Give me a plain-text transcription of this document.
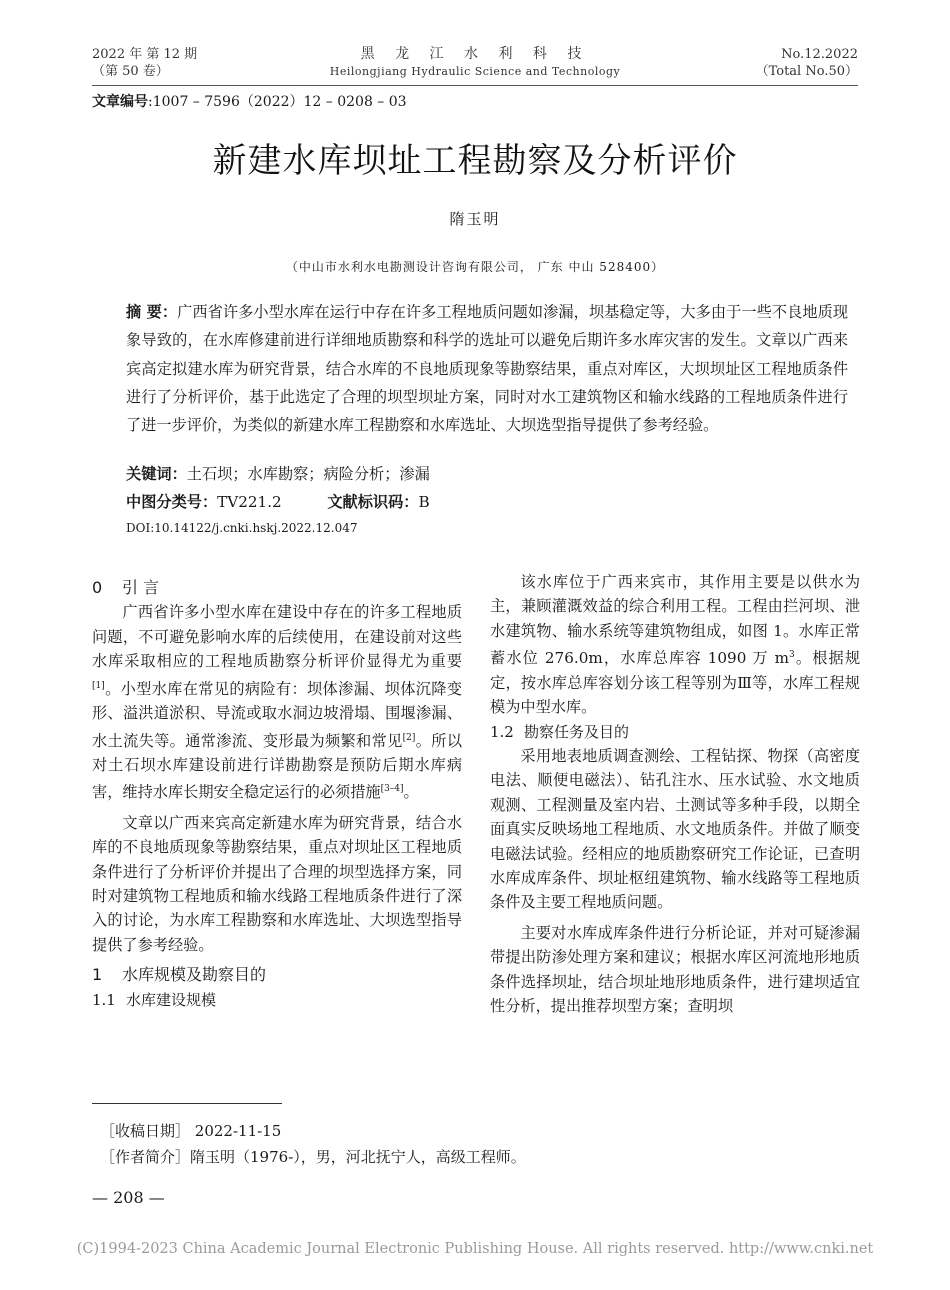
2022 年 第 12 期
（第 50 卷）
黑 龙 江 水 利 科 技
Heilongjiang Hydraulic Science and Technology
No.12.2022
（Total No.50）
文章编号:1007 – 7596（2022）12 – 0208 – 03
新建水库坝址工程勘察及分析评价
隋玉明
（中山市水利水电勘测设计咨询有限公司， 广东 中山 528400）
摘 要：广西省许多小型水库在运行中存在许多工程地质问题如渗漏，坝基稳定等，大多由于一些不良地质现象导致的，在水库修建前进行详细地质勘察和科学的选址可以避免后期许多水库灾害的发生。文章以广西来宾高定拟建水库为研究背景，结合水库的不良地质现象等勘察结果，重点对库区，大坝坝址区工程地质条件进行了分析评价，基于此选定了合理的坝型坝址方案，同时对水工建筑物区和输水线路的工程地质条件进行了进一步评价，为类似的新建水库工程勘察和水库选址、大坝选型指导提供了参考经验。
关键词：土石坝；水库勘察；病险分析；渗漏
中图分类号：TV221.2	文献标识码：B
DOI:10.14122/j.cnki.hskj.2022.12.047

0 引 言

广西省许多小型水库在建设中存在的许多工程地质问题，不可避免影响水库的后续使用，在建设前对这些水库采取相应的工程地质勘察分析评价显得尤为重要[1]。小型水库在常见的病险有：坝体渗漏、坝体沉降变形、溢洪道淤积、导流或取水洞边坡滑塌、围堰渗漏、水土流失等。通常渗流、变形最为频繁和常见[2]。所以对土石坝水库建设前进行详勘勘察是预防后期水库病害，维持水库长期安全稳定运行的必须措施[3–4]。

文章以广西来宾高定新建水库为研究背景，结合水库的不良地质现象等勘察结果，重点对坝址区工程地质条件进行了分析评价并提出了合理的坝型选择方案，同时对建筑物工程地质和输水线路工程地质条件进行了深入的讨论，为水库工程勘察和水库选址、大坝选型指导提供了参考经验。

1 水库规模及勘察目的

1.1 水库建设规模

该水库位于广西来宾市，其作用主要是以供水为主，兼顾灌溉效益的综合利用工程。工程由拦河坝、泄水建筑物、输水系统等建筑物组成，如图 1。水库正常蓄水位 276.0m，水库总库容 1090 万 m$^3$。根据规定，按水库总库容划分该工程等别为Ⅲ等，水库工程规模为中型水库。

1.2 勘察任务及目的

采用地表地质调查测绘、工程钻探、物探（高密度电法、顺便电磁法）、钻孔注水、压水试验、水文地质观测、工程测量及室内岩、土测试等多种手段，以期全面真实反映场地工程地质、水文地质条件。并做了顺变电磁法试验。经相应的地质勘察研究工作论证，已查明水库成库条件、坝址枢纽建筑物、输水线路等工程地质条件及主要工程地质问题。

主要对水库成库条件进行分析论证，并对可疑渗漏带提出防渗处理方案和建议；根据水库区河流地形地质条件选择坝址，结合坝址地形地质条件，进行建坝适宜性分析，提出推荐坝型方案；查明坝

［收稿日期］ 2022-11-15
［作者简介］隋玉明（1976-），男，河北抚宁人，高级工程师。
— 208 —
(C)1994-2023 China Academic Journal Electronic Publishing House. All rights reserved. http://www.cnki.net
